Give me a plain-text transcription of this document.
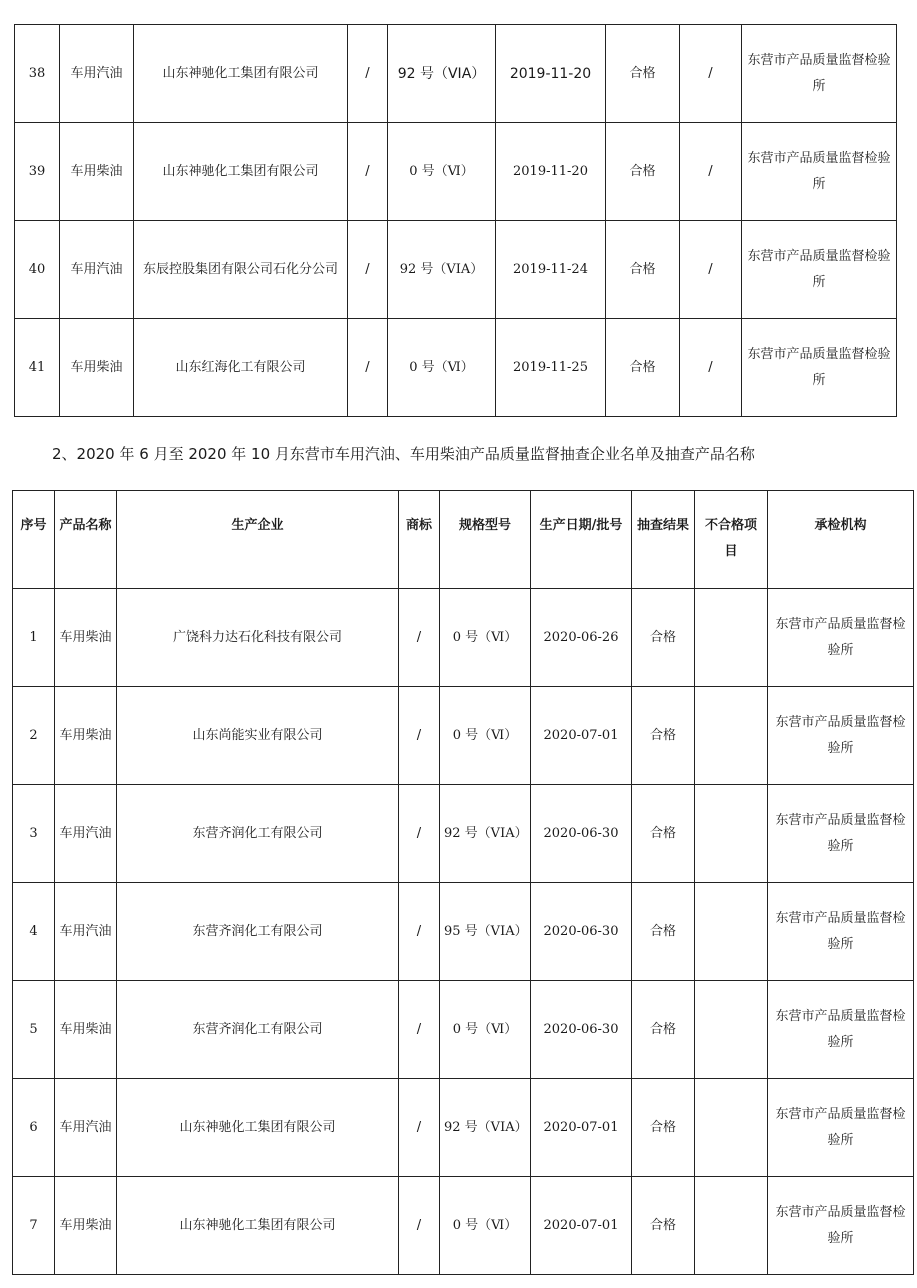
38	车用汽油	山东神驰化工集团有限公司	/	92 号（VIA）	2019-11-20	合格	/	东营市产品质量监督检验所
39	车用柴油	山东神驰化工集团有限公司	/	0 号（Ⅵ）	2019-11-20	合格	/	东营市产品质量监督检验所
40	车用汽油	东辰控股集团有限公司石化分公司	/	92 号（VIA）	2019-11-24	合格	/	东营市产品质量监督检验所
41	车用柴油	山东红海化工有限公司	/	0 号（Ⅵ）	2019-11-25	合格	/	东营市产品质量监督检验所
2、2020 年 6 月至 2020 年 10 月东营市车用汽油、车用柴油产品质量监督抽查企业名单及抽查产品名称
序号	产品名称	生产企业	商标	规格型号	生产日期/批号	抽查结果	不合格项目	承检机构
1	车用柴油	广饶科力达石化科技有限公司	/	0 号（Ⅵ）	2020-06-26	合格		东营市产品质量监督检验所
2	车用柴油	山东尚能实业有限公司	/	0 号（Ⅵ）	2020-07-01	合格		东营市产品质量监督检验所
3	车用汽油	东营齐润化工有限公司	/	92 号（VIA）	2020-06-30	合格		东营市产品质量监督检验所
4	车用汽油	东营齐润化工有限公司	/	95 号（VIA）	2020-06-30	合格		东营市产品质量监督检验所
5	车用柴油	东营齐润化工有限公司	/	0 号（Ⅵ）	2020-06-30	合格		东营市产品质量监督检验所
6	车用汽油	山东神驰化工集团有限公司	/	92 号（VIA）	2020-07-01	合格		东营市产品质量监督检验所
7	车用柴油	山东神驰化工集团有限公司	/	0 号（Ⅵ）	2020-07-01	合格		东营市产品质量监督检验所
